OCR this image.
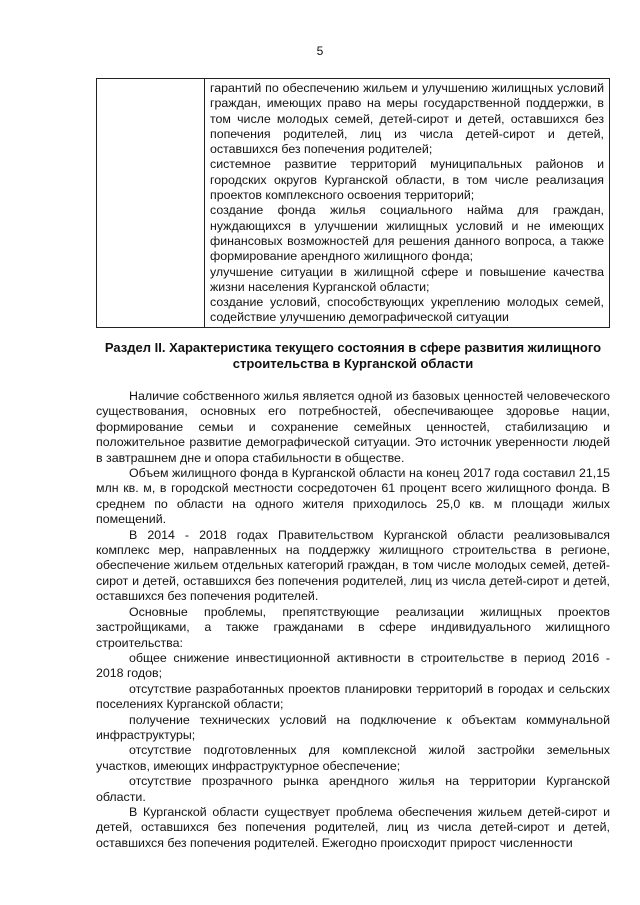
5

гарантий по обеспечению жильем и улучшению жилищных условий граждан, имеющих право на меры государственной поддержки, в том числе молодых семей, детей-сирот и детей, оставшихся без попечения родителей, лиц из числа детей-сирот и детей, оставшихся без попечения родителей;

системное развитие территорий муниципальных районов и городских округов Курганской области, в том числе реализация проектов комплексного освоения территорий;

создание фонда жилья социального найма для граждан, нуждающихся в улучшении жилищных условий и не имеющих финансовых возможностей для решения данного вопроса, а также формирование арендного жилищного фонда;

улучшение ситуации в жилищной сфере и повышение качества жизни населения Курганской области;

создание условий, способствующих укреплению молодых семей, содействие улучшению демографической ситуации

Раздел II. Характеристика текущего состояния в сфере развития жилищного
строительства в Курганской области

Наличие собственного жилья является одной из базовых ценностей человеческого существования, основных его потребностей, обеспечивающее здоровье нации, формирование семьи и сохранение семейных ценностей, стабилизацию и положительное развитие демографической ситуации. Это источник уверенности людей в завтрашнем дне и опора стабильности в обществе.

Объем жилищного фонда в Курганской области на конец 2017 года составил 21,15 млн кв. м, в городской местности сосредоточен 61 процент всего жилищного фонда. В среднем по области на одного жителя приходилось 25,0 кв. м площади жилых помещений.

В 2014 - 2018 годах Правительством Курганской области реализовывался комплекс мер, направленных на поддержку жилищного строительства в регионе, обеспечение жильем отдельных категорий граждан, в том числе молодых семей, детей-сирот и детей, оставшихся без попечения родителей, лиц из числа детей-сирот и детей, оставшихся без попечения родителей.

Основные проблемы, препятствующие реализации жилищных проектов застройщиками, а также гражданами в сфере индивидуального жилищного строительства:

общее снижение инвестиционной активности в строительстве в период 2016 - 2018 годов;

отсутствие разработанных проектов планировки территорий в городах и сельских поселениях Курганской области;

получение технических условий на подключение к объектам коммунальной инфраструктуры;

отсутствие подготовленных для комплексной жилой застройки земельных участков, имеющих инфраструктурное обеспечение;

отсутствие прозрачного рынка арендного жилья на территории Курганской области.

В Курганской области существует проблема обеспечения жильем детей-сирот и детей, оставшихся без попечения родителей, лиц из числа детей-сирот и детей, оставшихся без попечения родителей. Ежегодно происходит прирост численности
